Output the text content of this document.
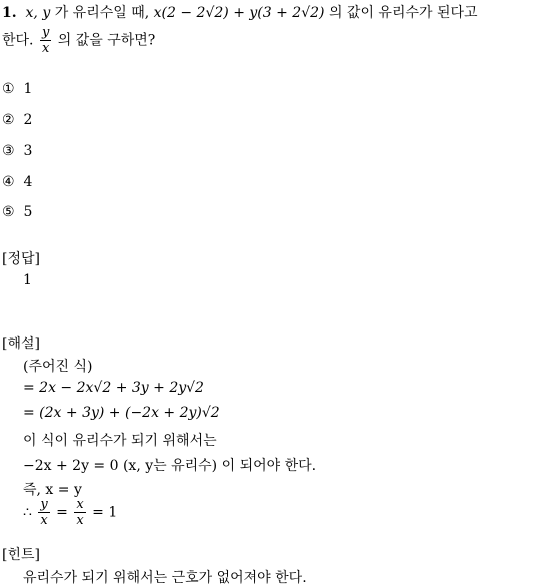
1. x, y 가 유리수일 때, x(2 − 2√2) + y(3 + 2√2) 의 값이 유리수가 된다고
한다. $\frac{y}{x}$ 의 값을 구하면?
① 1
② 2
③ 3
④ 4
⑤ 5
[정답]
1
[해설]
(주어진 식)
= 2x − 2x√2 + 3y + 2y√2
= (2x + 3y) + (−2x + 2y)√2
이 식이 유리수가 되기 위해서는
−2x + 2y = 0 (x, y는 유리수) 이 되어야 한다.
즉, x = y
∴ $\frac{y}{x} = \frac{x}{x} = 1$
[힌트]
유리수가 되기 위해서는 근호가 없어져야 한다.
